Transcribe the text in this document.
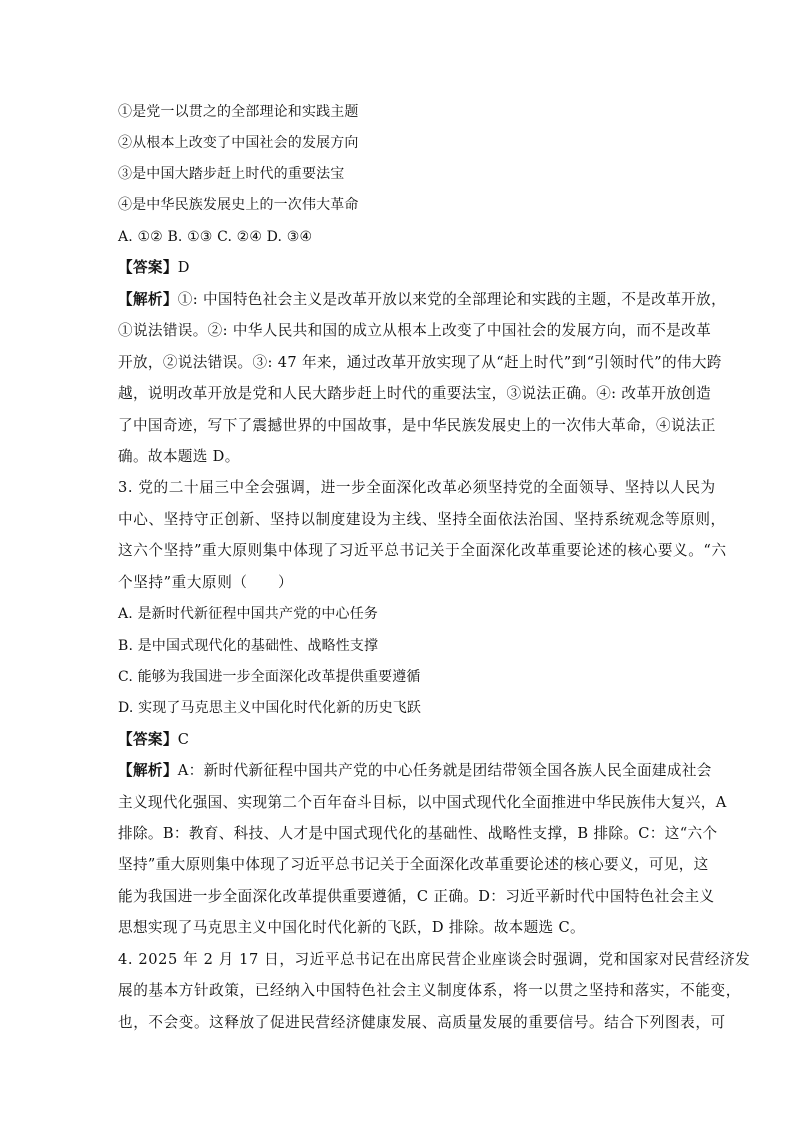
①是党一以贯之的全部理论和实践主题
②从根本上改变了中国社会的发展方向
③是中国大踏步赶上时代的重要法宝
④是中华民族发展史上的一次伟大革命
A. ①② B. ①③ C. ②④ D. ③④
【答案】D
【解析】①: 中国特色社会主义是改革开放以来党的全部理论和实践的主题，不是改革开放，
①说法错误。②: 中华人民共和国的成立从根本上改变了中国社会的发展方向，而不是改革
开放，②说法错误。③: 47 年来，通过改革开放实现了从“赶上时代”到“引领时代”的伟大跨
越，说明改革开放是党和人民大踏步赶上时代的重要法宝，③说法正确。④: 改革开放创造
了中国奇迹，写下了震撼世界的中国故事，是中华民族发展史上的一次伟大革命，④说法正
确。故本题选 D。
3. 党的二十届三中全会强调，进一步全面深化改革必须坚持党的全面领导、坚持以人民为
中心、坚持守正创新、坚持以制度建设为主线、坚持全面依法治国、坚持系统观念等原则，
这六个坚持”重大原则集中体现了习近平总书记关于全面深化改革重要论述的核心要义。“六
个坚持”重大原则（　　）
A. 是新时代新征程中国共产党的中心任务
B. 是中国式现代化的基础性、战略性支撑
C. 能够为我国进一步全面深化改革提供重要遵循
D. 实现了马克思主义中国化时代化新的历史飞跃
【答案】C
【解析】A：新时代新征程中国共产党的中心任务就是团结带领全国各族人民全面建成社会
主义现代化强国、实现第二个百年奋斗目标，以中国式现代化全面推进中华民族伟大复兴，A
排除。B：教育、科技、人才是中国式现代化的基础性、战略性支撑，B 排除。C：这“六个
坚持”重大原则集中体现了习近平总书记关于全面深化改革重要论述的核心要义，可见，这
能为我国进一步全面深化改革提供重要遵循，C 正确。D：习近平新时代中国特色社会主义
思想实现了马克思主义中国化时代化新的飞跃，D 排除。故本题选 C。
4. 2025 年 2 月 17 日，习近平总书记在出席民营企业座谈会时强调，党和国家对民营经济发
展的基本方针政策，已经纳入中国特色社会主义制度体系，将一以贯之坚持和落实，不能变，
也，不会变。这释放了促进民营经济健康发展、高质量发展的重要信号。结合下列图表，可
